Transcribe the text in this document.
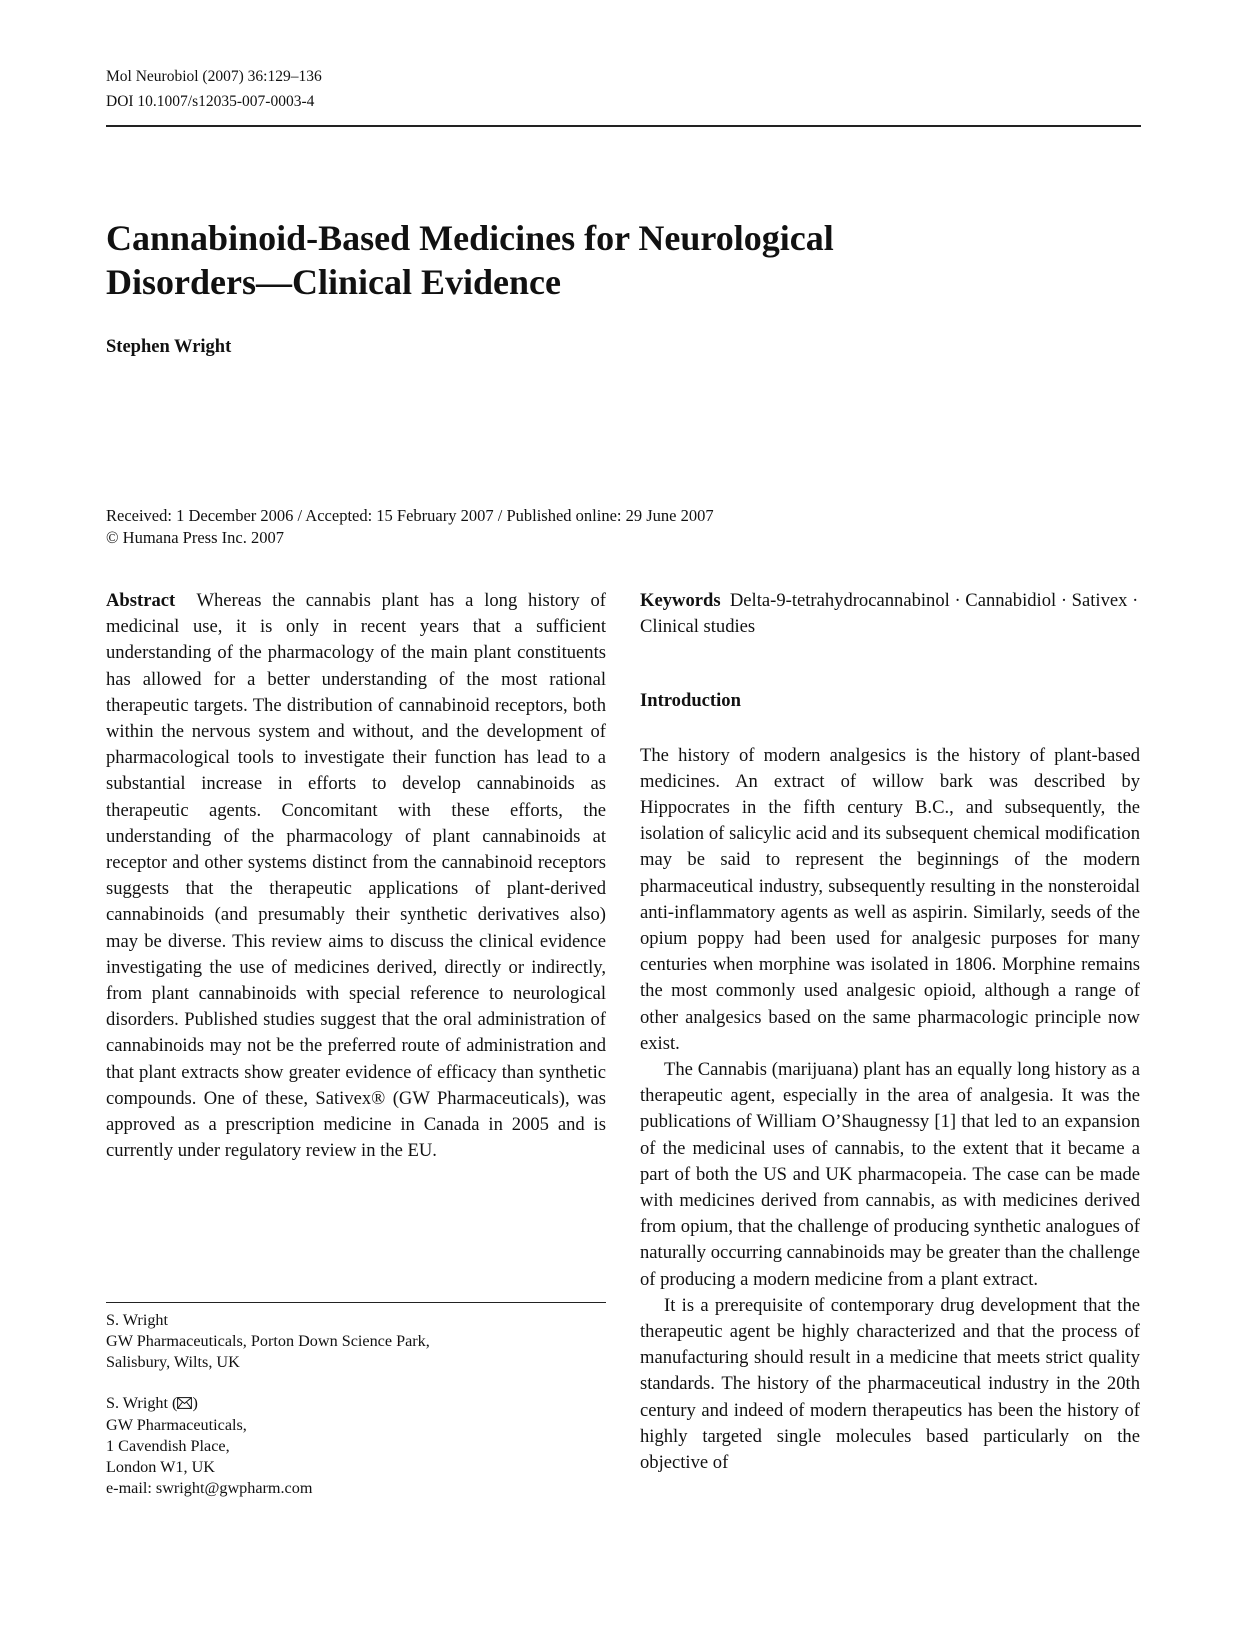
Mol Neurobiol (2007) 36:129–136
DOI 10.1007/s12035-007-0003-4
Cannabinoid-Based Medicines for Neurological
Disorders—Clinical Evidence
Stephen Wright
Received: 1 December 2006 / Accepted: 15 February 2007 / Published online: 29 June 2007
© Humana Press Inc. 2007

Abstract Whereas the cannabis plant has a long history of medicinal use, it is only in recent years that a sufficient understanding of the pharmacology of the main plant constituents has allowed for a better understanding of the most rational therapeutic targets. The distribution of cannabinoid receptors, both within the nervous system and without, and the development of pharmacological tools to investigate their function has lead to a substantial increase in efforts to develop cannabinoids as therapeutic agents. Concomitant with these efforts, the understanding of the pharmacology of plant cannabinoids at receptor and other systems distinct from the cannabinoid receptors suggests that the therapeutic applications of plant-derived cannabinoids (and presumably their synthetic derivatives also) may be diverse. This review aims to discuss the clinical evidence investigating the use of medicines derived, directly or indirectly, from plant cannabinoids with special reference to neurological disorders. Published studies suggest that the oral administration of cannabinoids may not be the preferred route of administration and that plant extracts show greater evidence of efficacy than synthetic compounds. One of these, Sativex® (GW Pharmaceuticals), was approved as a prescription medicine in Canada in 2005 and is currently under regulatory review in the EU.

Keywords Delta-9-tetrahydrocannabinol · Cannabidiol · Sativex · Clinical studies

Introduction

The history of modern analgesics is the history of plant-based medicines. An extract of willow bark was described by Hippocrates in the fifth century B.C., and subsequently, the isolation of salicylic acid and its subsequent chemical modification may be said to represent the beginnings of the modern pharmaceutical industry, subsequently resulting in the nonsteroidal anti-inflammatory agents as well as aspirin. Similarly, seeds of the opium poppy had been used for analgesic purposes for many centuries when morphine was isolated in 1806. Morphine remains the most commonly used analgesic opioid, although a range of other analgesics based on the same pharmacologic principle now exist.

The Cannabis (marijuana) plant has an equally long history as a therapeutic agent, especially in the area of analgesia. It was the publications of William O’Shaugnessy [1] that led to an expansion of the medicinal uses of cannabis, to the extent that it became a part of both the US and UK pharmacopeia. The case can be made with medicines derived from cannabis, as with medicines derived from opium, that the challenge of producing synthetic analogues of naturally occurring cannabinoids may be greater than the challenge of producing a modern medicine from a plant extract.

It is a prerequisite of contemporary drug development that the therapeutic agent be highly characterized and that the process of manufacturing should result in a medicine that meets strict quality standards. The history of the pharmaceutical industry in the 20th century and indeed of modern therapeutics has been the history of highly targeted single molecules based particularly on the objective of

S. Wright
GW Pharmaceuticals, Porton Down Science Park,
Salisbury, Wilts, UK
S. Wright ( )
GW Pharmaceuticals,
1 Cavendish Place,
London W1, UK
e-mail: swright@gwpharm.com
